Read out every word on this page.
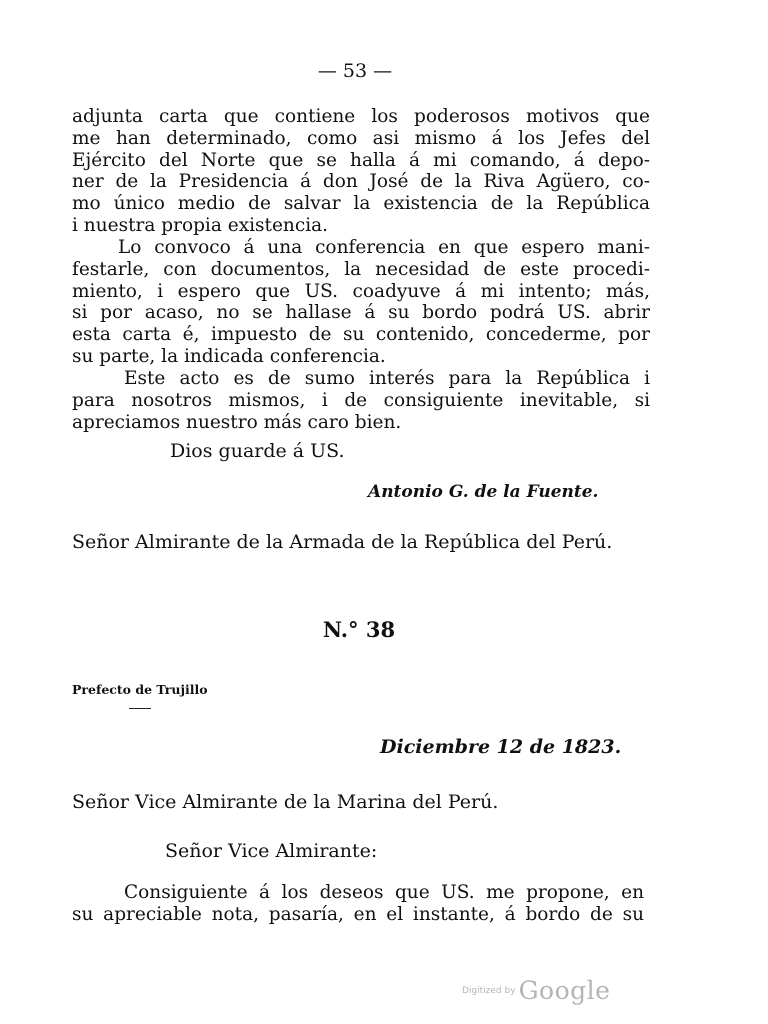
— 53 —
adjunta carta que contiene los poderosos motivos que
me han determinado, como asi mismo á los Jefes del
Ejército del Norte que se halla á mi comando, á depo-
ner de la Presidencia á don José de la Riva Agüero, co-
mo único medio de salvar la existencia de la República
i nuestra propia existencia.
Lo convoco á una conferencia en que espero mani-
festarle, con documentos, la necesidad de este procedi-
miento, i espero que US. coadyuve á mi intento; más,
si por acaso, no se hallase á su bordo podrá US. abrir
esta carta é, impuesto de su contenido, concederme, por
su parte, la indicada conferencia.
Este acto es de sumo interés para la República i
para nosotros mismos, i de consiguiente inevitable, si
apreciamos nuestro más caro bien.
Dios guarde á US.
Antonio G. de la Fuente.
Señor Almirante de la Armada de la República del Perú.
N.° 38
Prefecto de Trujillo
Diciembre 12 de 1823.
Señor Vice Almirante de la Marina del Perú.
Señor Vice Almirante:
Consiguiente á los deseos que US. me propone, en
su apreciable nota, pasaría, en el instante, á bordo de su
Digitized by Google
